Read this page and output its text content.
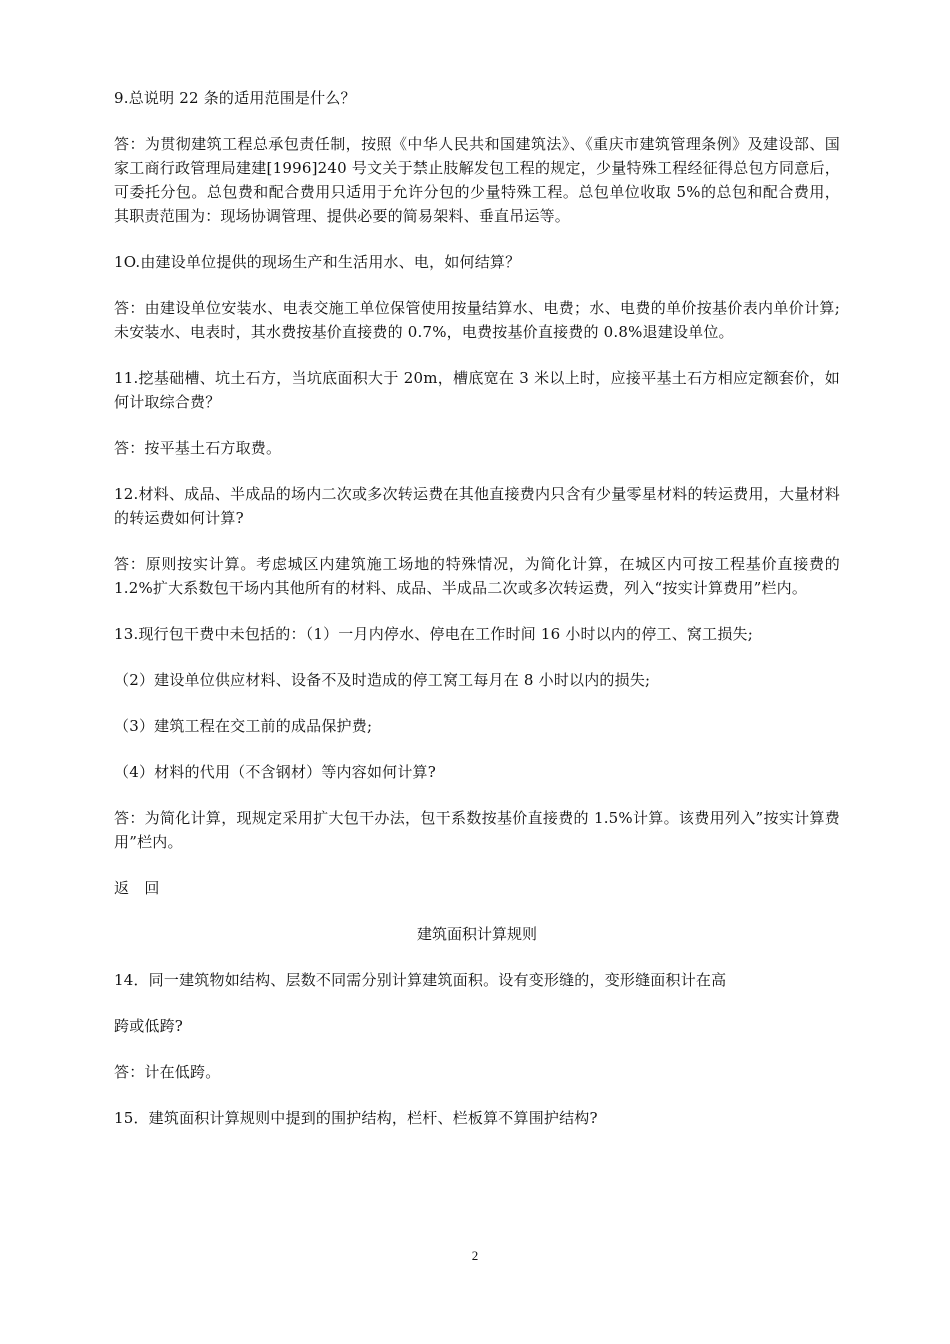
9.总说明 22 条的适用范围是什么？

答：为贯彻建筑工程总承包责任制，按照《中华人民共和国建筑法》、《重庆市建筑管理条例》及建设部、国家工商行政管理局建建[1996]240 号文关于禁止肢解发包工程的规定，少量特殊工程经征得总包方同意后，可委托分包。总包费和配合费用只适用于允许分包的少量特殊工程。总包单位收取 5%的总包和配合费用，其职责范围为：现场协调管理、提供必要的简易架料、垂直吊运等。

1O.由建设单位提供的现场生产和生活用水、电，如何结算？

答：由建设单位安装水、电表交施工单位保管使用按量结算水、电费；水、电费的单价按基价表内单价计算; 未安装水、电表时，其水费按基价直接费的 0.7%，电费按基价直接费的 0.8%退建设单位。

11.挖基础槽、坑土石方，当坑底面积大于 20m，槽底宽在 3 米以上时，应接平基土石方相应定额套价，如何计取综合费？

答：按平基土石方取费。

12.材料、成品、半成品的场内二次或多次转运费在其他直接费内只含有少量零星材料的转运费用，大量材料的转运费如何计算?

答：原则按实计算。考虑城区内建筑施工场地的特殊情况，为简化计算，在城区内可按工程基价直接费的 1.2%扩大系数包干场内其他所有的材料、成品、半成品二次或多次转运费，列入“按实计算费用”栏内。

13.现行包干费中未包括的：（1）一月内停水、停电在工作时间 16 小时以内的停工、窝工损失;

（2）建设单位供应材料、设备不及时造成的停工窝工每月在 8 小时以内的损失;

（3）建筑工程在交工前的成品保护费;

（4）材料的代用（不含钢材）等内容如何计算?

答：为简化计算，现规定采用扩大包干办法，包干系数按基价直接费的 1.5%计算。该费用列入”按实计算费用”栏内。

返　回

建筑面积计算规则

14．同一建筑物如结构、层数不同需分别计算建筑面积。设有变形缝的，变形缝面积计在高

跨或低跨?

答：计在低跨。

15．建筑面积计算规则中提到的围护结构，栏杆、栏板算不算围护结构?

2
